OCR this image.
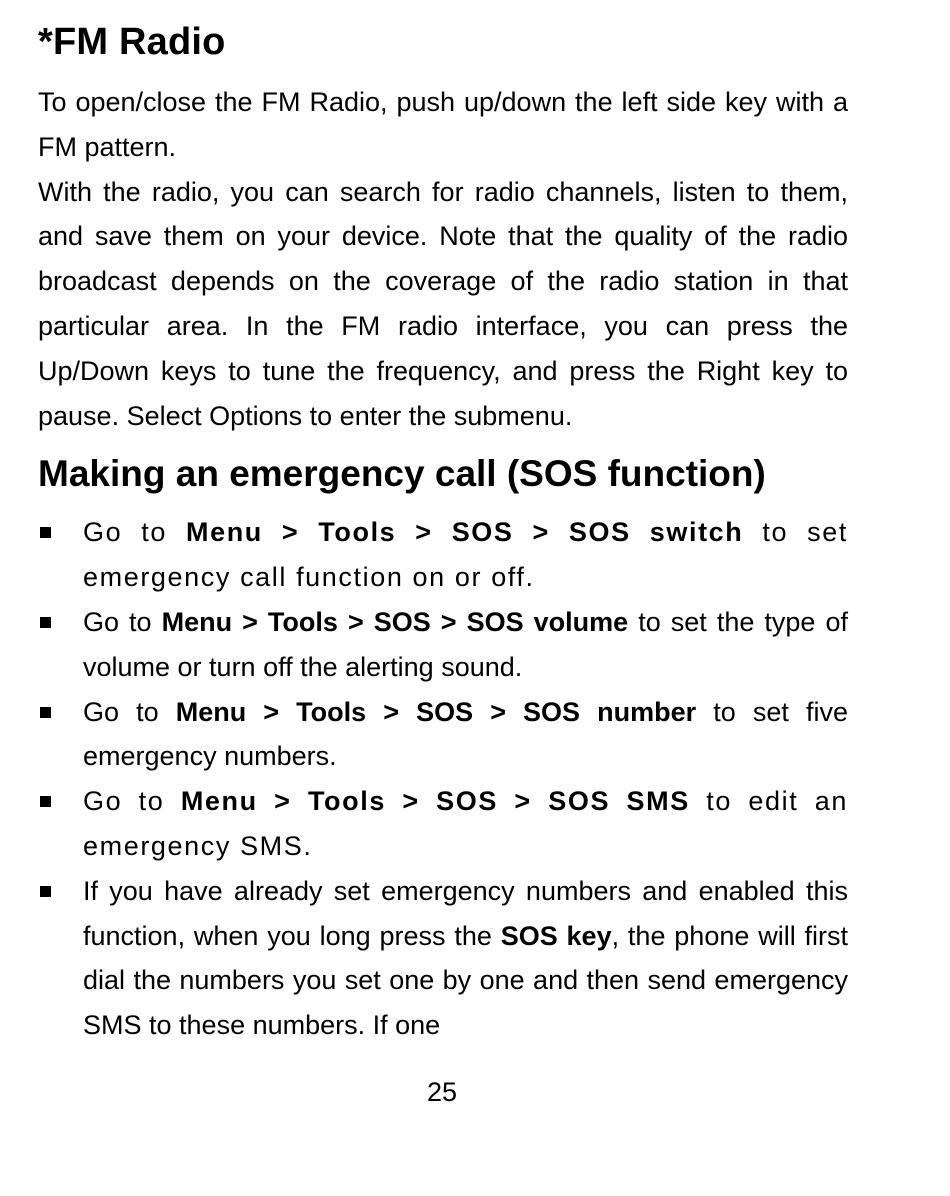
*FM Radio

To open/close the FM Radio, push up/down the left side key with a FM pattern.

With the radio, you can search for radio channels, listen to them, and save them on your device. Note that the quality of the radio broadcast depends on the coverage of the radio station in that particular area. In the FM radio interface, you can press the Up/Down keys to tune the frequency, and press the Right key to pause. Select Options to enter the submenu.

Making an emergency call (SOS function)
Go to Menu > Tools > SOS > SOS switch to set emergency call function on or off.
Go to Menu > Tools > SOS > SOS volume to set the type of volume or turn off the alerting sound.
Go to Menu > Tools > SOS > SOS number to set five emergency numbers.
Go to Menu > Tools > SOS > SOS SMS to edit an emergency SMS.
If you have already set emergency numbers and enabled this function, when you long press the SOS key, the phone will first dial the numbers you set one by one and then send emergency SMS to these numbers. If one
25
